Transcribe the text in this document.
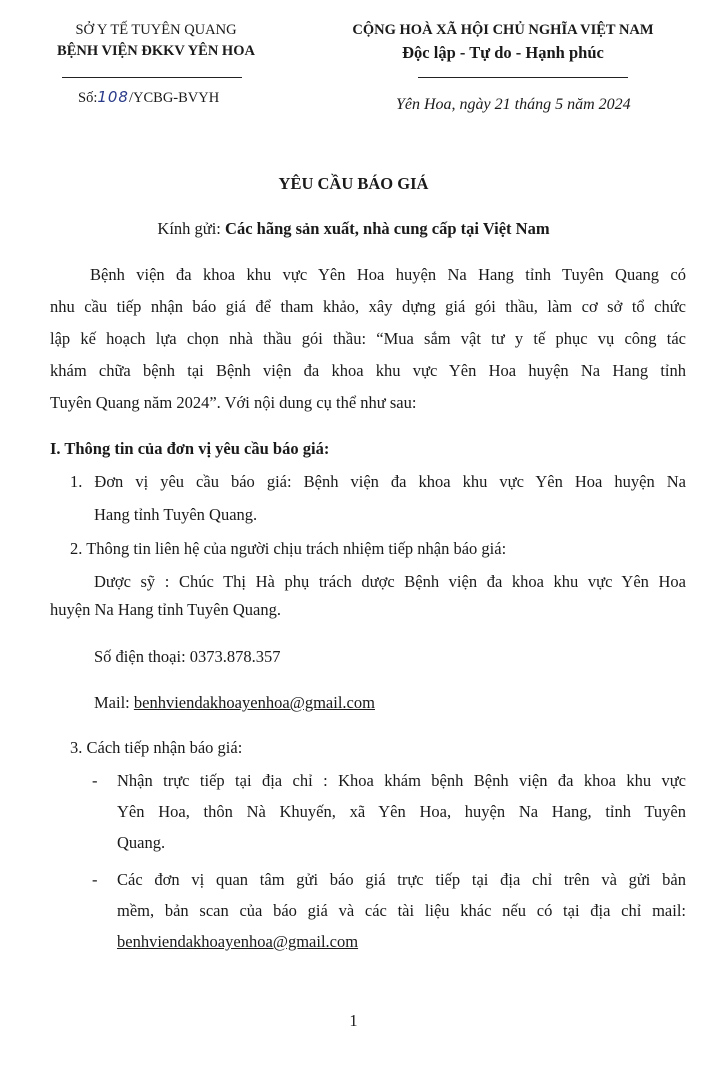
SỞ Y TẾ TUYÊN QUANG
BỆNH VIỆN ĐKKV YÊN HOA
Số:108/YCBG-BVYH
CỘNG HOÀ XÃ HỘI CHỦ NGHĨA VIỆT NAM
Độc lập - Tự do - Hạnh phúc
Yên Hoa, ngày 21 tháng 5 năm 2024
YÊU CẦU BÁO GIÁ
Kính gửi: Các hãng sản xuất, nhà cung cấp tại Việt Nam
Bệnh viện đa khoa khu vực Yên Hoa huyện Na Hang tỉnh Tuyên Quang có
nhu cầu tiếp nhận báo giá để tham khảo, xây dựng giá gói thầu, làm cơ sở tổ chức
lập kế hoạch lựa chọn nhà thầu gói thầu: “Mua sắm vật tư y tế phục vụ công tác
khám chữa bệnh tại Bệnh viện đa khoa khu vực Yên Hoa huyện Na Hang tỉnh
Tuyên Quang năm 2024”. Với nội dung cụ thể như sau:
I. Thông tin của đơn vị yêu cầu báo giá:
1. Đơn vị yêu cầu báo giá: Bệnh viện đa khoa khu vực Yên Hoa huyện Na
Hang tỉnh Tuyên Quang.
2. Thông tin liên hệ của người chịu trách nhiệm tiếp nhận báo giá:
Dược sỹ : Chúc Thị Hà phụ trách dược Bệnh viện đa khoa khu vực Yên Hoa
huyện Na Hang tỉnh Tuyên Quang.
Số điện thoại: 0373.878.357
Mail: benhviendakhoayenhoa@gmail.com
3. Cách tiếp nhận báo giá:
- Nhận trực tiếp tại địa chỉ : Khoa khám bệnh Bệnh viện đa khoa khu vực
Yên Hoa, thôn Nà Khuyến, xã Yên Hoa, huyện Na Hang, tỉnh Tuyên
Quang.
- Các đơn vị quan tâm gửi báo giá trực tiếp tại địa chỉ trên và gửi bản
mềm, bản scan của báo giá và các tài liệu khác nếu có tại địa chỉ mail:
benhviendakhoayenhoa@gmail.com
1
